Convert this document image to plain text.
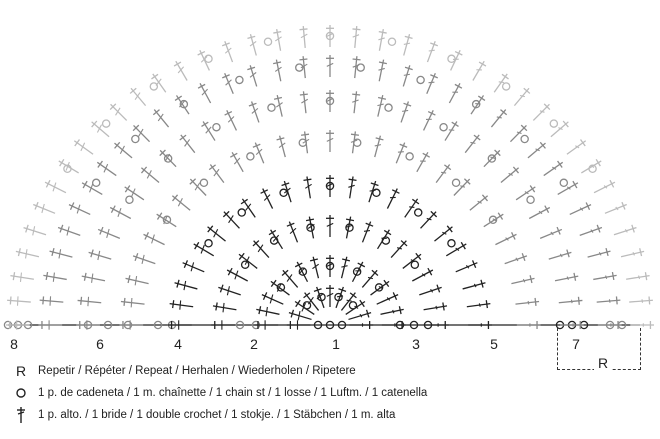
8	6	4	2	1	3	5	7
R
R	Repetir / Répéter / Repeat / Herhalen / Wiederholen / Ripetere
1 p. de cadeneta / 1 m. chaînette / 1 chain st / 1 losse / 1 Luftm. / 1 catenella
1 p. alto. / 1 bride / 1 double crochet / 1 stokje. / 1 Stäbchen / 1 m. alta
